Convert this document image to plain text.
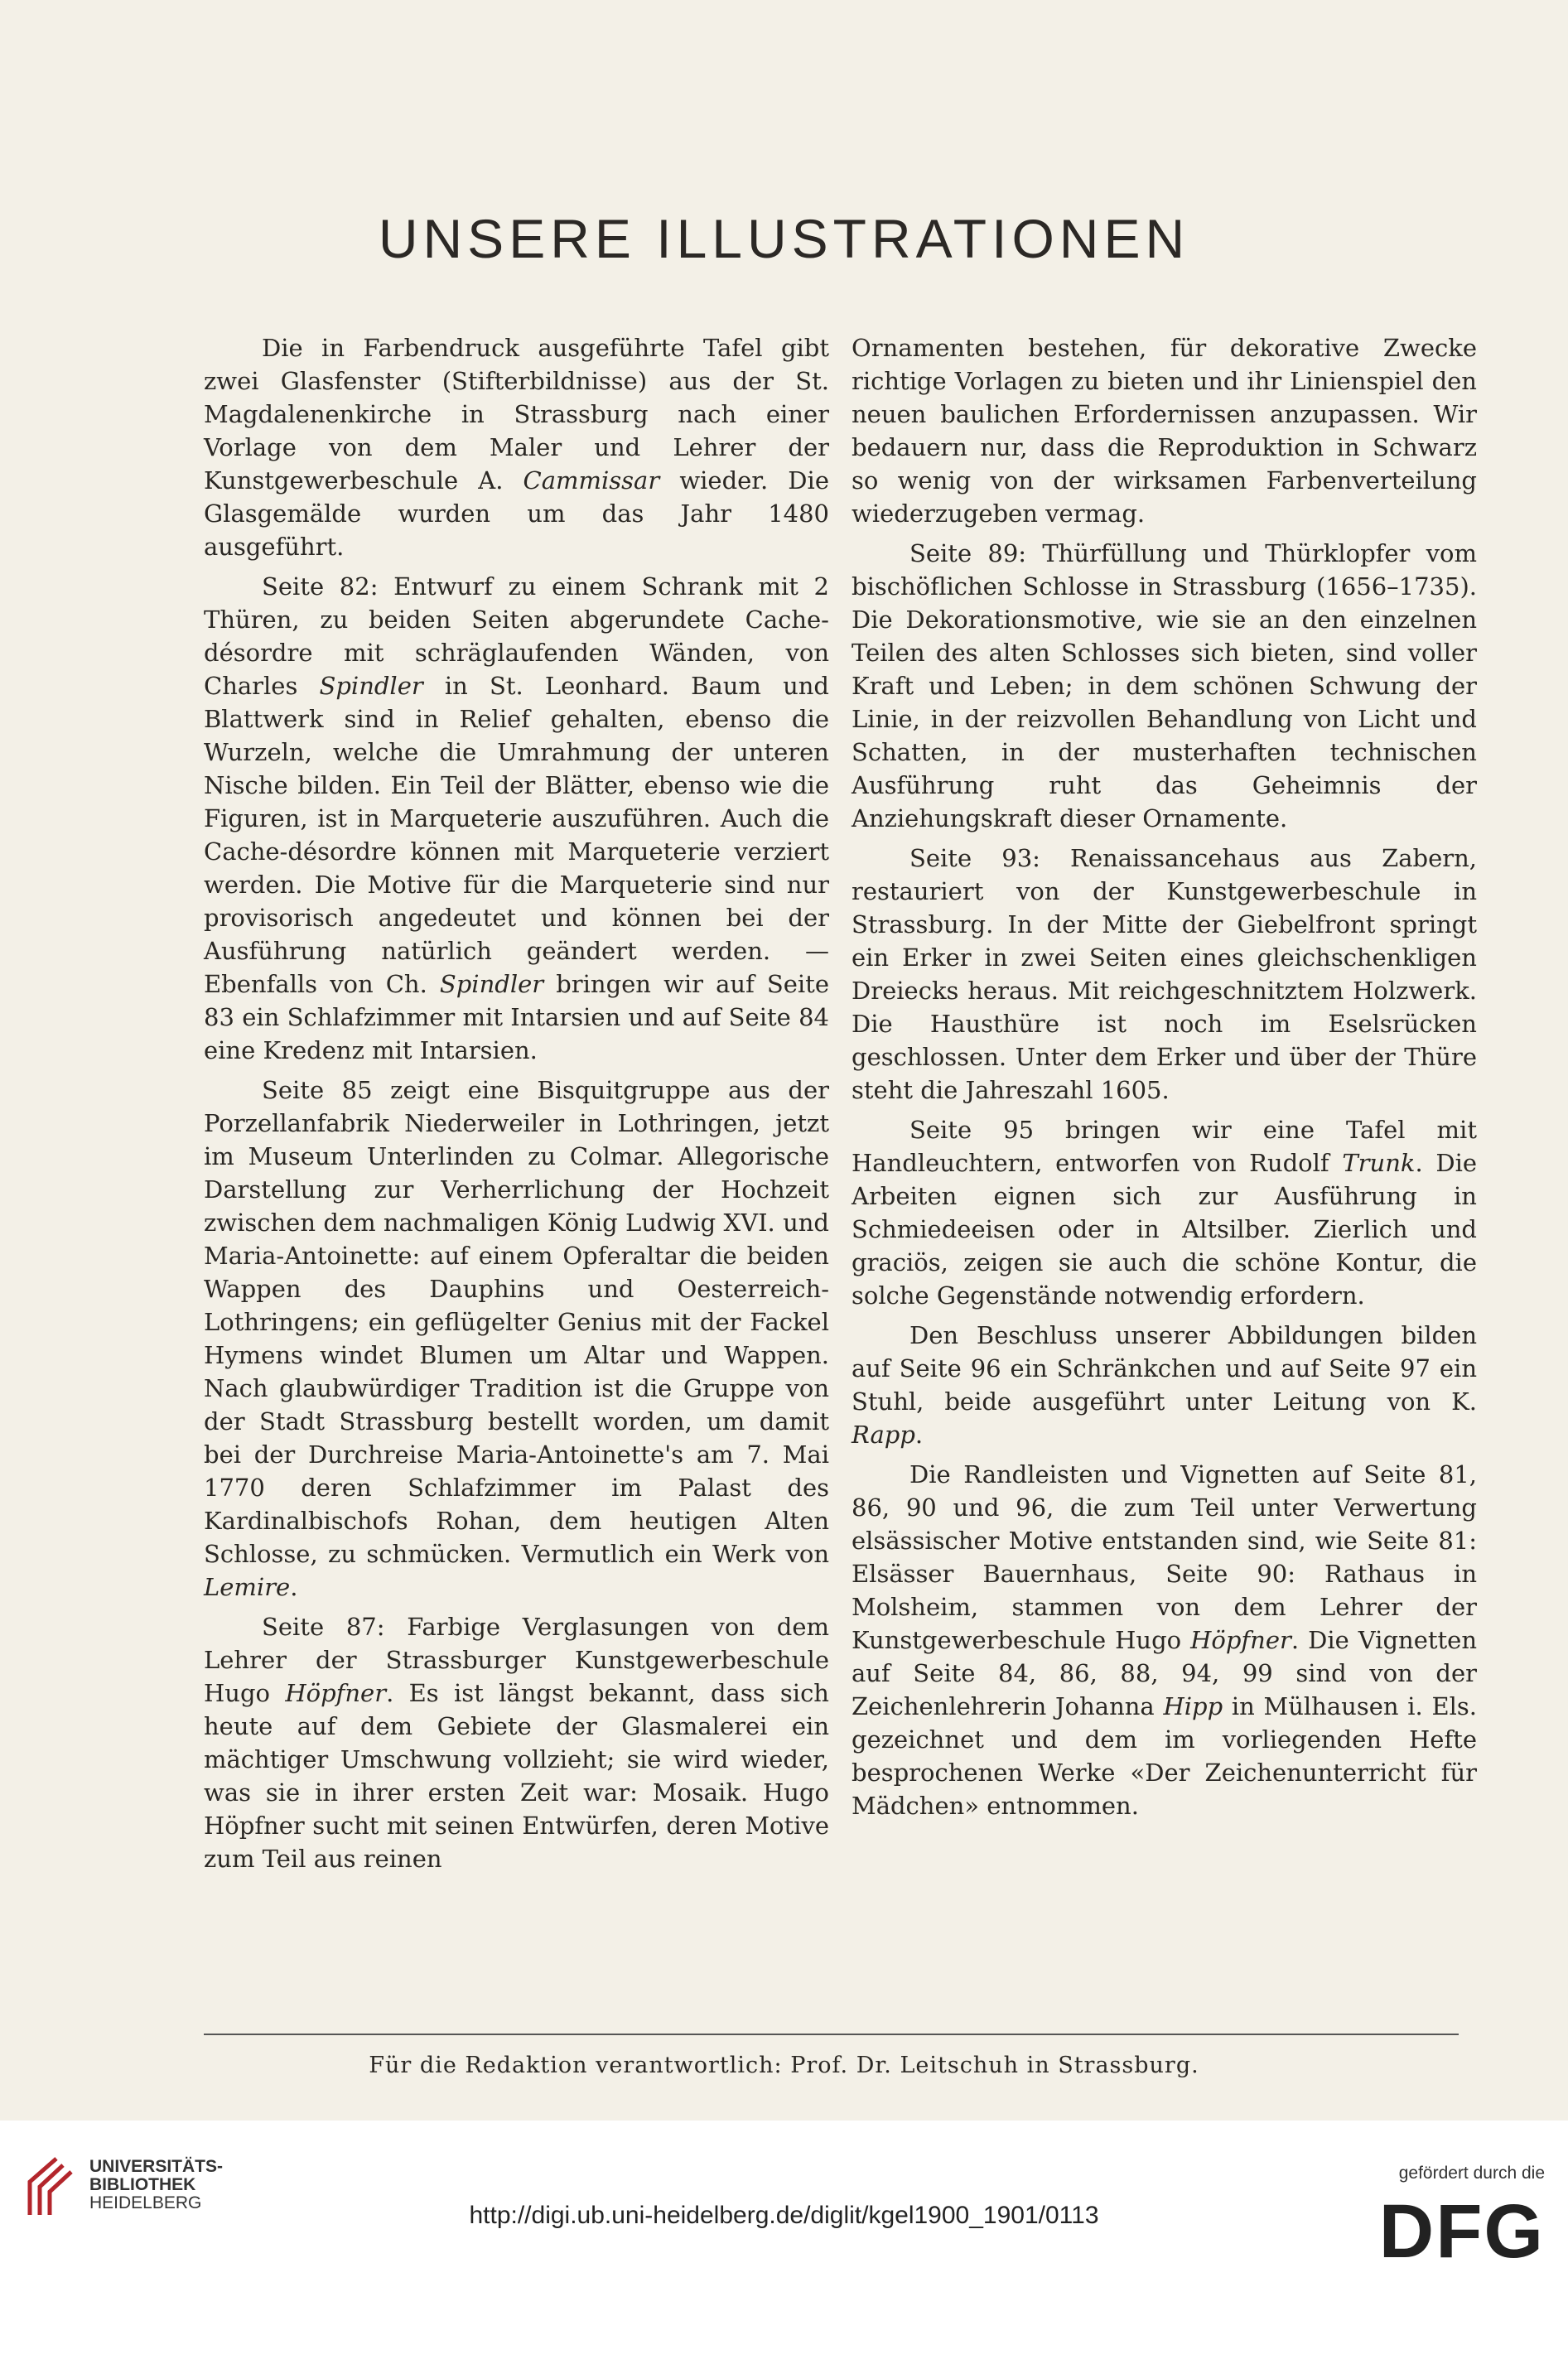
UNSERE ILLUSTRATIONEN

Die in Farbendruck ausgeführte Tafel gibt zwei Glasfenster (Stifterbildnisse) aus der St. Magdalenenkirche in Strassburg nach einer Vorlage von dem Maler und Lehrer der Kunstgewerbeschule A. Cammissar wieder. Die Glasgemälde wurden um das Jahr 1480 ausgeführt.

Seite 82: Entwurf zu einem Schrank mit 2 Thüren, zu beiden Seiten abgerundete Cache-désordre mit schräglaufenden Wänden, von Charles Spindler in St. Leonhard. Baum und Blattwerk sind in Relief gehalten, ebenso die Wurzeln, welche die Umrahmung der unteren Nische bilden. Ein Teil der Blätter, ebenso wie die Figuren, ist in Marqueterie auszuführen. Auch die Cache-désordre können mit Marqueterie verziert werden. Die Motive für die Marqueterie sind nur provisorisch angedeutet und können bei der Ausführung natürlich geändert werden. — Ebenfalls von Ch. Spindler bringen wir auf Seite 83 ein Schlafzimmer mit Intarsien und auf Seite 84 eine Kredenz mit Intarsien.

Seite 85 zeigt eine Bisquitgruppe aus der Porzellanfabrik Niederweiler in Lothringen, jetzt im Museum Unterlinden zu Colmar. Allegorische Darstellung zur Verherrlichung der Hochzeit zwischen dem nachmaligen König Ludwig XVI. und Maria-Antoinette: auf einem Opferaltar die beiden Wappen des Dauphins und Oesterreich-Lothringens; ein geflügelter Genius mit der Fackel Hymens windet Blumen um Altar und Wappen. Nach glaubwürdiger Tradition ist die Gruppe von der Stadt Strassburg bestellt worden, um damit bei der Durchreise Maria-Antoinette's am 7. Mai 1770 deren Schlafzimmer im Palast des Kardinalbischofs Rohan, dem heutigen Alten Schlosse, zu schmücken. Vermutlich ein Werk von Lemire.

Seite 87: Farbige Verglasungen von dem Lehrer der Strassburger Kunstgewerbeschule Hugo Höpfner. Es ist längst bekannt, dass sich heute auf dem Gebiete der Glasmalerei ein mächtiger Umschwung vollzieht; sie wird wieder, was sie in ihrer ersten Zeit war: Mosaik. Hugo Höpfner sucht mit seinen Entwürfen, deren Motive zum Teil aus reinen

Ornamenten bestehen, für dekorative Zwecke richtige Vorlagen zu bieten und ihr Linienspiel den neuen baulichen Erfordernissen anzupassen. Wir bedauern nur, dass die Reproduktion in Schwarz so wenig von der wirksamen Farbenverteilung wiederzugeben vermag.

Seite 89: Thürfüllung und Thürklopfer vom bischöflichen Schlosse in Strassburg (1656–1735). Die Dekorationsmotive, wie sie an den einzelnen Teilen des alten Schlosses sich bieten, sind voller Kraft und Leben; in dem schönen Schwung der Linie, in der reizvollen Behandlung von Licht und Schatten, in der musterhaften technischen Ausführung ruht das Geheimnis der Anziehungskraft dieser Ornamente.

Seite 93: Renaissancehaus aus Zabern, restauriert von der Kunstgewerbeschule in Strassburg. In der Mitte der Giebelfront springt ein Erker in zwei Seiten eines gleichschenkligen Dreiecks heraus. Mit reichgeschnitztem Holzwerk. Die Hausthüre ist noch im Eselsrücken geschlossen. Unter dem Erker und über der Thüre steht die Jahreszahl 1605.

Seite 95 bringen wir eine Tafel mit Handleuchtern, entworfen von Rudolf Trunk. Die Arbeiten eignen sich zur Ausführung in Schmiedeeisen oder in Altsilber. Zierlich und graciös, zeigen sie auch die schöne Kontur, die solche Gegenstände notwendig erfordern.

Den Beschluss unserer Abbildungen bilden auf Seite 96 ein Schränkchen und auf Seite 97 ein Stuhl, beide ausgeführt unter Leitung von K. Rapp.

Die Randleisten und Vignetten auf Seite 81, 86, 90 und 96, die zum Teil unter Verwertung elsässischer Motive entstanden sind, wie Seite 81: Elsässer Bauernhaus, Seite 90: Rathaus in Molsheim, stammen von dem Lehrer der Kunstgewerbeschule Hugo Höpfner. Die Vignetten auf Seite 84, 86, 88, 94, 99 sind von der Zeichenlehrerin Johanna Hipp in Mülhausen i. Els. gezeichnet und dem im vorliegenden Hefte besprochenen Werke «Der Zeichenunterricht für Mädchen» entnommen.

Für die Redaktion verantwortlich: Prof. Dr. Leitschuh in Strassburg.
UNIVERSITÄTS-
BIBLIOTHEK
HEIDELBERG	http://digi.ub.uni-heidelberg.de/diglit/kgel1900_1901/0113
gefördert durch die
DFG
